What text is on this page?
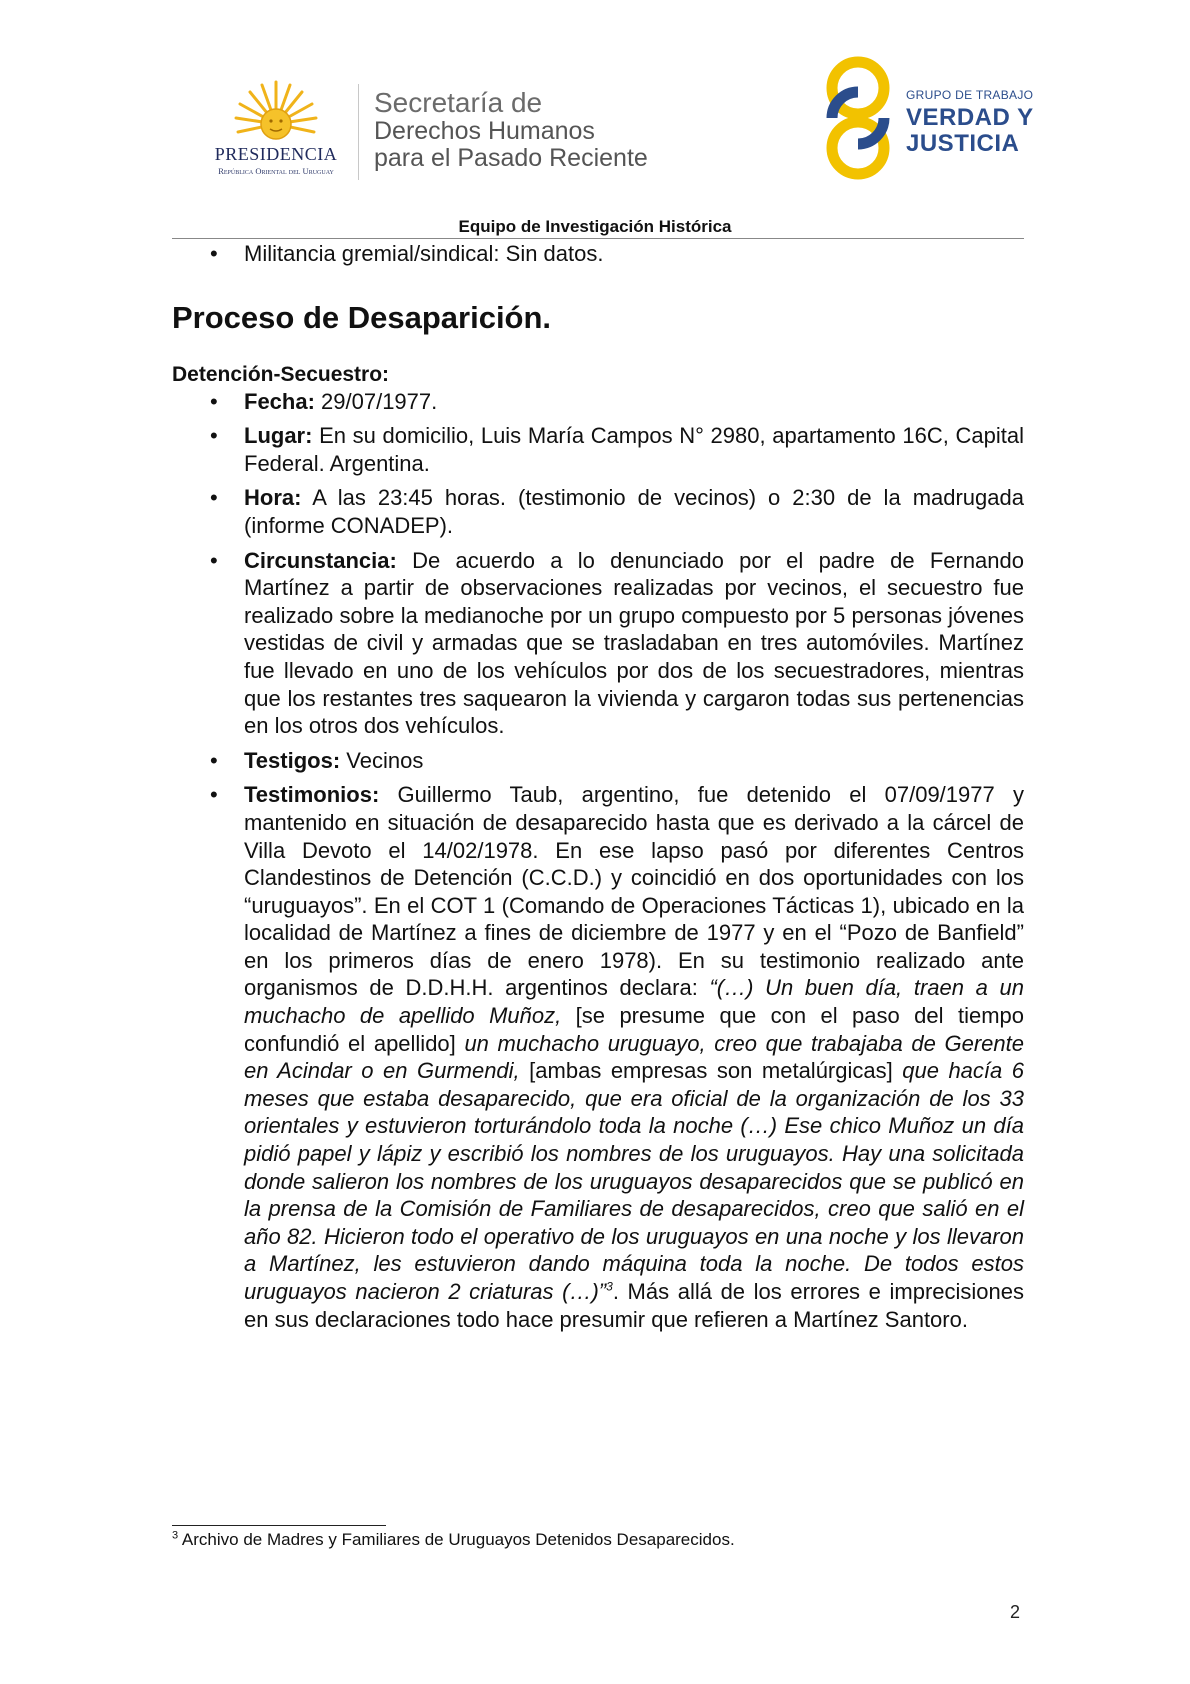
PRESIDENCIA
República Oriental del Uruguay
Secretaría de
Derechos Humanos
para el Pasado Reciente
GRUPO DE TRABAJO
VERDAD Y
JUSTICIA
Equipo de Investigación Histórica
• Militancia gremial/sindical: Sin datos.
Proceso de Desaparición.
Detención-Secuestro:
• Fecha: 29/07/1977.
• Lugar: En su domicilio, Luis María Campos N° 2980, apartamento 16C, Capital Federal. Argentina.
• Hora: A las 23:45 horas. (testimonio de vecinos) o 2:30 de la madrugada (informe CONADEP).
• Circunstancia: De acuerdo a lo denunciado por el padre de Fernando Martínez a partir de observaciones realizadas por vecinos, el secuestro fue realizado sobre la medianoche por un grupo compuesto por 5 personas jóvenes vestidas de civil y armadas que se trasladaban en tres automóviles. Martínez fue llevado en uno de los vehículos por dos de los secuestradores, mientras que los restantes tres saquearon la vivienda y cargaron todas sus pertenencias en los otros dos vehículos.
• Testigos: Vecinos
• Testimonios: Guillermo Taub, argentino, fue detenido el 07/09/1977 y mantenido en situación de desaparecido hasta que es derivado a la cárcel de Villa Devoto el 14/02/1978. En ese lapso pasó por diferentes Centros Clandestinos de Detención (C.C.D.) y coincidió en dos oportunidades con los “uruguayos”. En el COT 1 (Comando de Operaciones Tácticas 1), ubicado en la localidad de Martínez a fines de diciembre de 1977 y en el “Pozo de Banfield” en los primeros días de enero 1978). En su testimonio realizado ante organismos de D.D.H.H. argentinos declara: “(…) Un buen día, traen a un muchacho de apellido Muñoz, [se presume que con el paso del tiempo confundió el apellido] un muchacho uruguayo, creo que trabajaba de Gerente en Acindar o en Gurmendi, [ambas empresas son metalúrgicas] que hacía 6 meses que estaba desaparecido, que era oficial de la organización de los 33 orientales y estuvieron torturándolo toda la noche (…) Ese chico Muñoz un día pidió papel y lápiz y escribió los nombres de los uruguayos. Hay una solicitada donde salieron los nombres de los uruguayos desaparecidos que se publicó en la prensa de la Comisión de Familiares de desaparecidos, creo que salió en el año 82. Hicieron todo el operativo de los uruguayos en una noche y los llevaron a Martínez, les estuvieron dando máquina toda la noche. De todos estos uruguayos nacieron 2 criaturas (…)”$^3$. Más allá de los errores e imprecisiones en sus declaraciones todo hace presumir que refieren a Martínez Santoro.
$^3$ Archivo de Madres y Familiares de Uruguayos Detenidos Desaparecidos.
2
